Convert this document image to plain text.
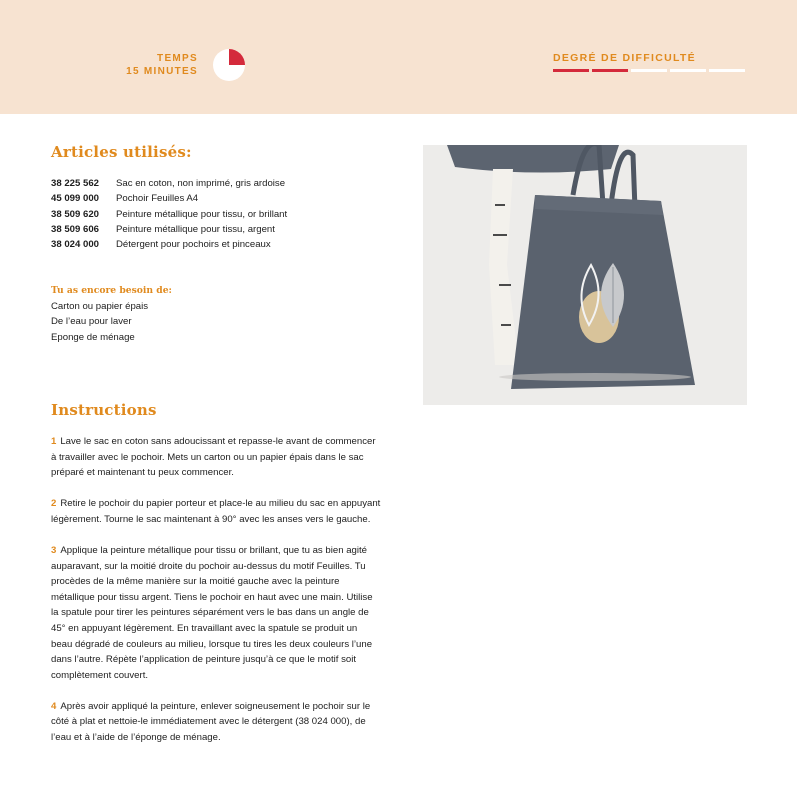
TEMPS
15 MINUTES
DEGRÉ DE DIFFICULTÉ
Articles utilisés:
38 225 562	Sac en coton, non imprimé, gris ardoise
45 099 000	Pochoir Feuilles A4
38 509 620	Peinture métallique pour tissu, or brillant
38 509 606	Peinture métallique pour tissu, argent
38 024 000	Détergent pour pochoirs et pinceaux
Tu as encore besoin de:
Carton ou papier épais
De l’eau pour laver
Eponge de ménage
Instructions

1 Lave le sac en coton sans adoucissant et repasse-le avant de commencer à travailler avec le pochoir. Mets un carton ou un papier épais dans le sac préparé et maintenant tu peux commencer.

2 Retire le pochoir du papier porteur et place-le au milieu du sac en appuyant légèrement. Tourne le sac maintenant à 90° avec les anses vers le gauche.

3 Applique la peinture métallique pour tissu or brillant, que tu as bien agité auparavant, sur la moitié droite du pochoir au-dessus du motif Feuilles. Tu procèdes de la même manière sur la moitié gauche avec la peinture métallique pour tissu argent. Tiens le pochoir en haut avec une main. Utilise la spatule pour tirer les peintures séparément vers le bas dans un angle de 45° en appuyant légèrement. En travaillant avec la spatule se produit un beau dégradé de couleurs au milieu, lorsque tu tires les deux couleurs l’une dans l’autre. Répète l’application de peinture jusqu’à ce que le motif soit complètement couvert.

4 Après avoir appliqué la peinture, enlever soigneusement le pochoir sur le côté à plat et nettoie-le immédiatement avec le détergent (38 024 000), de l’eau et à l’aide de l’éponge de ménage.
